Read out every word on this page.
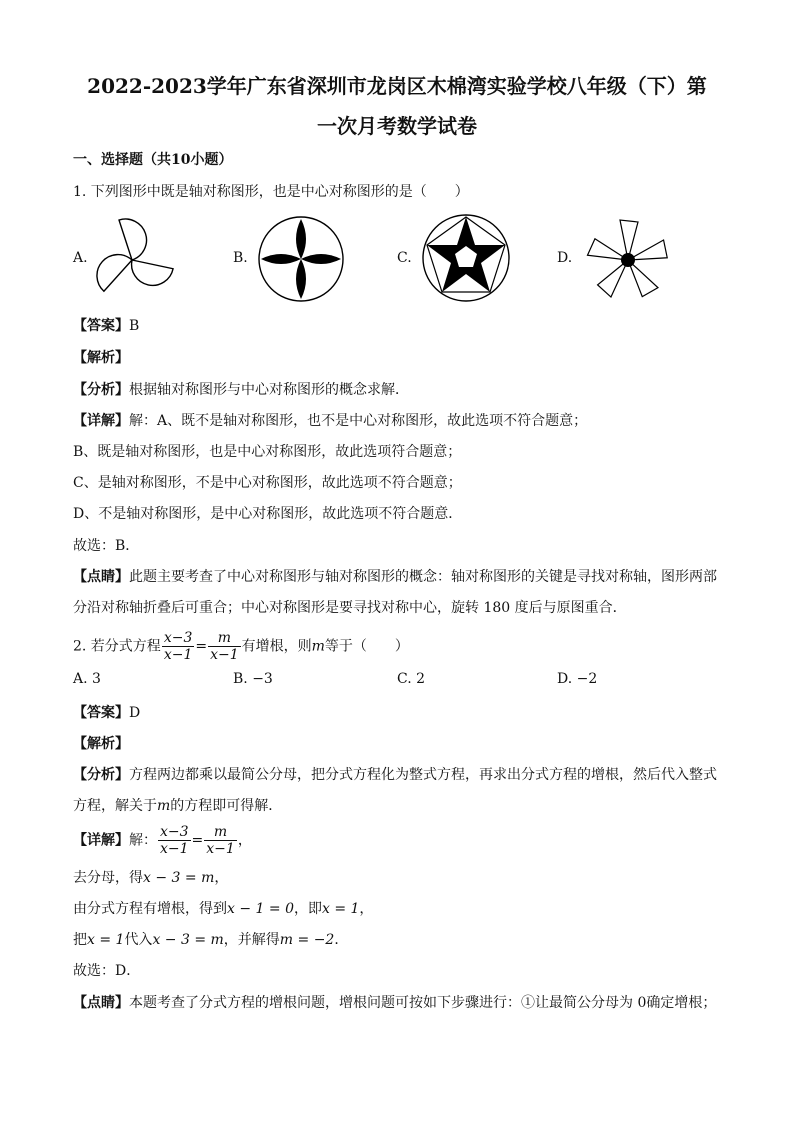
2022-2023学年广东省深圳市龙岗区木棉湾实验学校八年级（下）第
一次月考数学试卷
一、选择题（共10小题）
1. 下列图形中既是轴对称图形，也是中心对称图形的是（　　）
A.	B.	C.	D.
【答案】B
【解析】
【分析】根据轴对称图形与中心对称图形的概念求解．
【详解】解：A、既不是轴对称图形，也不是中心对称图形，故此选项不符合题意；
B、既是轴对称图形，也是中心对称图形，故此选项符合题意；
C、是轴对称图形，不是中心对称图形，故此选项不符合题意；
D、不是轴对称图形，是中心对称图形，故此选项不符合题意．
故选：B．
【点睛】此题主要考查了中心对称图形与轴对称图形的概念：轴对称图形的关键是寻找对称轴，图形两部
分沿对称轴折叠后可重合；中心对称图形是要寻找对称中心，旋转 180 度后与原图重合．
2. 若分式方程 $\frac{x-3}{x-1} = \frac{m}{x-1}$ 有增根，则m等于（　　）
A. 3	B. −3	C. 2	D. −2
【答案】D
【解析】
【分析】方程两边都乘以最简公分母，把分式方程化为整式方程，再求出分式方程的增根，然后代入整式
方程，解关于m的方程即可得解．
【详解】解： $\frac{x-3}{x-1} = \frac{m}{x-1}$ ，
去分母，得x − 3 = m，
由分式方程有增根，得到x − 1 = 0，即x = 1，
把x = 1代入x − 3 = m，并解得m = −2．
故选：D．
【点睛】本题考查了分式方程的增根问题，增根问题可按如下步骤进行：①让最简公分母为 0确定增根；
